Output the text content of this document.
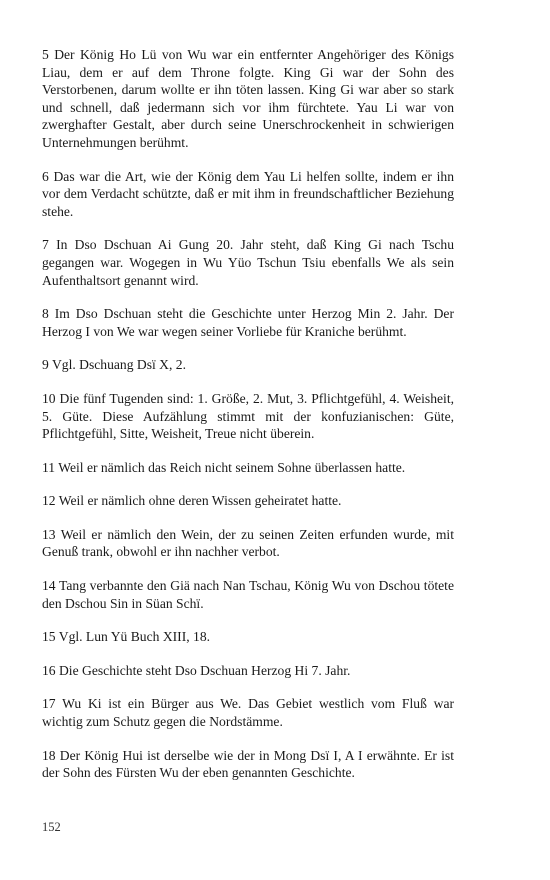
5 Der König Ho Lü von Wu war ein entfernter Angehöriger des Königs Liau, dem er auf dem Throne folgte. King Gi war der Sohn des Verstorbenen, darum wollte er ihn töten lassen. King Gi war aber so stark und schnell, daß jedermann sich vor ihm fürchtete. Yau Li war von zwerghafter Gestalt, aber durch seine Unerschrockenheit in schwierigen Unternehmungen berühmt.

6 Das war die Art, wie der König dem Yau Li helfen sollte, indem er ihn vor dem Verdacht schützte, daß er mit ihm in freundschaftlicher Beziehung stehe.

7 In Dso Dschuan Ai Gung 20. Jahr steht, daß King Gi nach Tschu gegangen war. Wogegen in Wu Yüo Tschun Tsiu ebenfalls We als sein Aufenthaltsort genannt wird.

8 Im Dso Dschuan steht die Geschichte unter Herzog Min 2. Jahr. Der Herzog I von We war wegen seiner Vorliebe für Kraniche berühmt.

9 Vgl. Dschuang Dsï X, 2.

10 Die fünf Tugenden sind: 1. Größe, 2. Mut, 3. Pflichtgefühl, 4. Weisheit, 5. Güte. Diese Aufzählung stimmt mit der konfuzianischen: Güte, Pflichtgefühl, Sitte, Weisheit, Treue nicht überein.

11 Weil er nämlich das Reich nicht seinem Sohne überlassen hatte.

12 Weil er nämlich ohne deren Wissen geheiratet hatte.

13 Weil er nämlich den Wein, der zu seinen Zeiten erfunden wurde, mit Genuß trank, obwohl er ihn nachher verbot.

14 Tang verbannte den Giä nach Nan Tschau, König Wu von Dschou tötete den Dschou Sin in Süan Schï.

15 Vgl. Lun Yü Buch XIII, 18.

16 Die Geschichte steht Dso Dschuan Herzog Hi 7. Jahr.

17 Wu Ki ist ein Bürger aus We. Das Gebiet westlich vom Fluß war wichtig zum Schutz gegen die Nordstämme.

18 Der König Hui ist derselbe wie der in Mong Dsï I, A I erwähnte. Er ist der Sohn des Fürsten Wu der eben genannten Geschichte.

152
